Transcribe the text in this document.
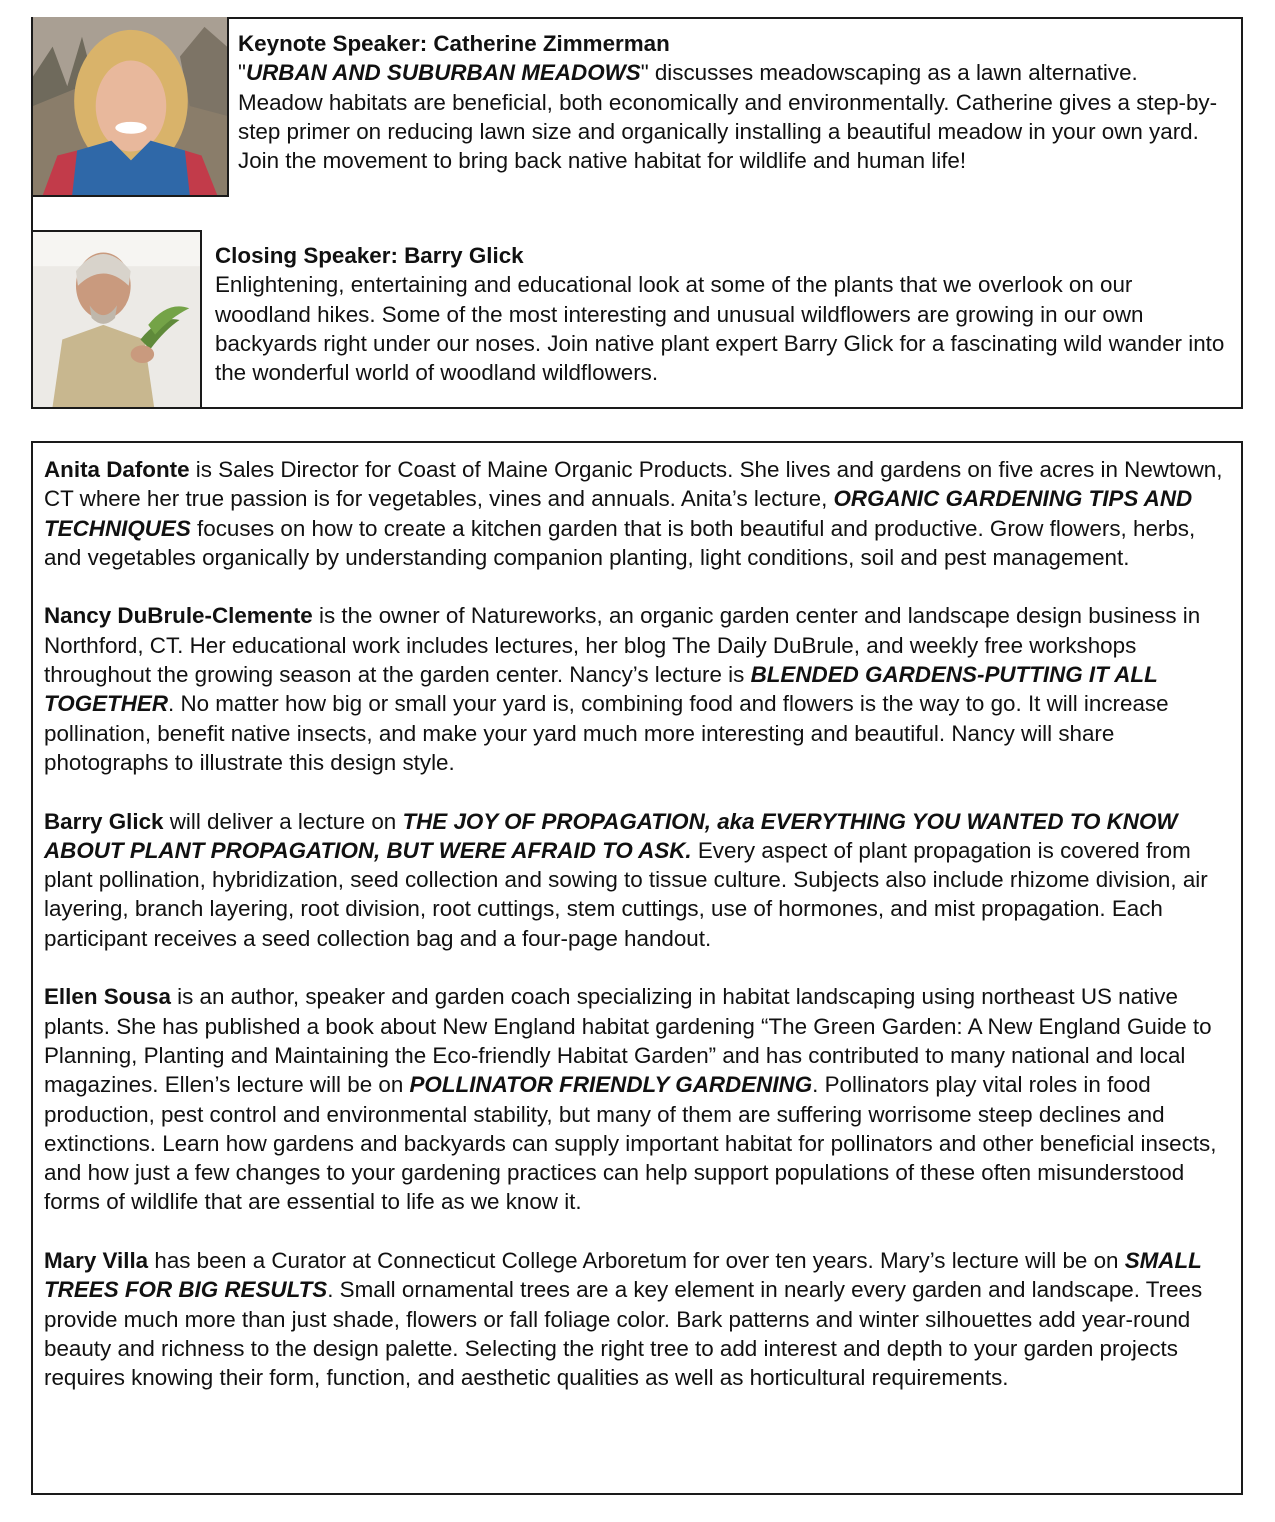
Keynote Speaker: Catherine Zimmerman
"URBAN AND SUBURBAN MEADOWS" discusses meadowscaping as a lawn alternative. Meadow habitats are beneficial, both economically and environmentally. Catherine gives a step-by-step primer on reducing lawn size and organically installing a beautiful meadow in your own yard. Join the movement to bring back native habitat for wildlife and human life!
Closing Speaker: Barry Glick
Enlightening, entertaining and educational look at some of the plants that we overlook on our woodland hikes. Some of the most interesting and unusual wildflowers are growing in our own backyards right under our noses. Join native plant expert Barry Glick for a fascinating wild wander into the wonderful world of woodland wildflowers.

Anita Dafonte is Sales Director for Coast of Maine Organic Products. She lives and gardens on five acres in Newtown, CT where her true passion is for vegetables, vines and annuals. Anita’s lecture, ORGANIC GARDENING TIPS AND TECHNIQUES focuses on how to create a kitchen garden that is both beautiful and productive. Grow flowers, herbs, and vegetables organically by understanding companion planting, light conditions, soil and pest management.

Nancy DuBrule-Clemente is the owner of Natureworks, an organic garden center and landscape design business in Northford, CT. Her educational work includes lectures, her blog The Daily DuBrule, and weekly free workshops throughout the growing season at the garden center. Nancy’s lecture is BLENDED GARDENS-PUTTING IT ALL TOGETHER. No matter how big or small your yard is, combining food and flowers is the way to go. It will increase pollination, benefit native insects, and make your yard much more interesting and beautiful. Nancy will share photographs to illustrate this design style.

Barry Glick will deliver a lecture on THE JOY OF PROPAGATION, aka EVERYTHING YOU WANTED TO KNOW ABOUT PLANT PROPAGATION, BUT WERE AFRAID TO ASK. Every aspect of plant propagation is covered from plant pollination, hybridization, seed collection and sowing to tissue culture. Subjects also include rhizome division, air layering, branch layering, root division, root cuttings, stem cuttings, use of hormones, and mist propagation. Each participant receives a seed collection bag and a four-page handout.

Ellen Sousa is an author, speaker and garden coach specializing in habitat landscaping using northeast US native plants. She has published a book about New England habitat gardening “The Green Garden: A New England Guide to Planning, Planting and Maintaining the Eco-friendly Habitat Garden” and has contributed to many national and local magazines. Ellen’s lecture will be on POLLINATOR FRIENDLY GARDENING. Pollinators play vital roles in food production, pest control and environmental stability, but many of them are suffering worrisome steep declines and extinctions. Learn how gardens and backyards can supply important habitat for pollinators and other beneficial insects, and how just a few changes to your gardening practices can help support populations of these often misunderstood forms of wildlife that are essential to life as we know it.

Mary Villa has been a Curator at Connecticut College Arboretum for over ten years. Mary’s lecture will be on SMALL TREES FOR BIG RESULTS. Small ornamental trees are a key element in nearly every garden and landscape. Trees provide much more than just shade, flowers or fall foliage color. Bark patterns and winter silhouettes add year-round beauty and richness to the design palette. Selecting the right tree to add interest and depth to your garden projects requires knowing their form, function, and aesthetic qualities as well as horticultural requirements.
